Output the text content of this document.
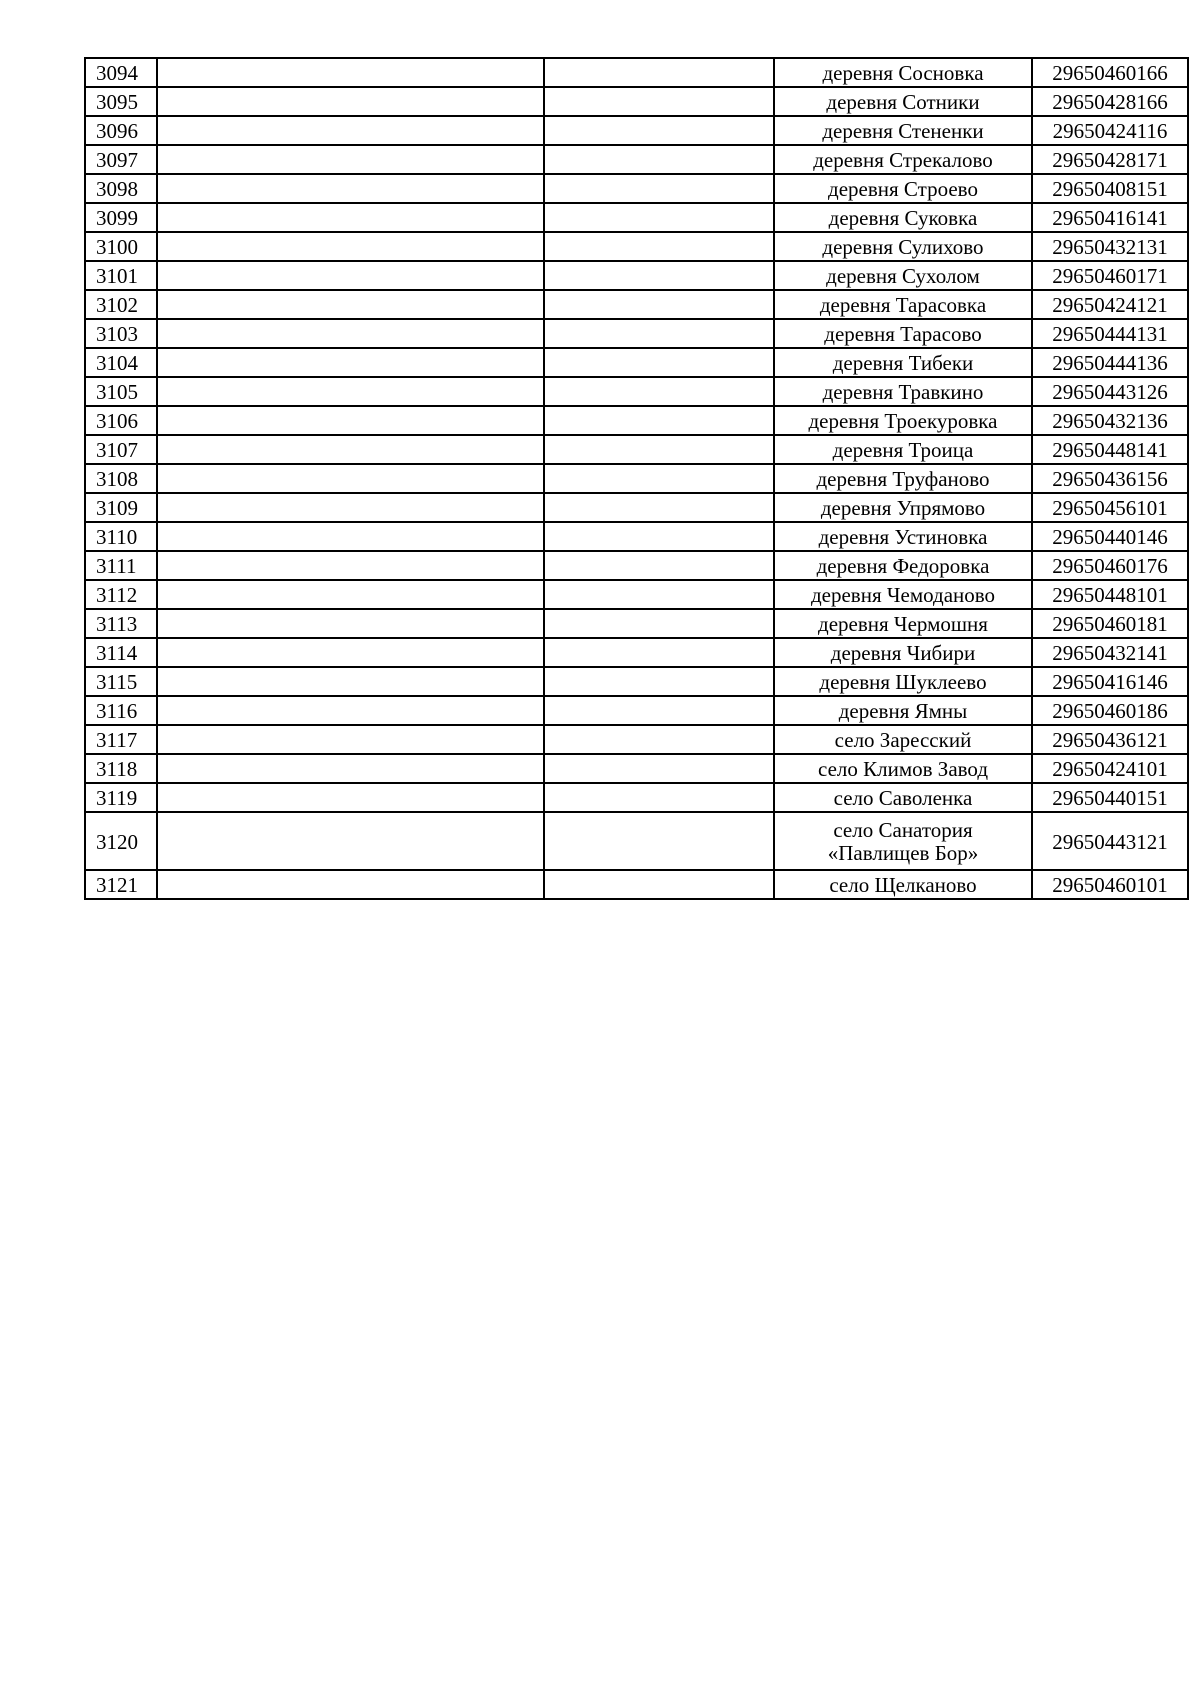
3094			деревня Сосновка	29650460166
3095			деревня Сотники	29650428166
3096			деревня Стененки	29650424116
3097			деревня Стрекалово	29650428171
3098			деревня Строево	29650408151
3099			деревня Суковка	29650416141
3100			деревня Сулихово	29650432131
3101			деревня Сухолом	29650460171
3102			деревня Тарасовка	29650424121
3103			деревня Тарасово	29650444131
3104			деревня Тибеки	29650444136
3105			деревня Травкино	29650443126
3106			деревня Троекуровка	29650432136
3107			деревня Троица	29650448141
3108			деревня Труфаново	29650436156
3109			деревня Упрямово	29650456101
3110			деревня Устиновка	29650440146
3111			деревня Федоровка	29650460176
3112			деревня Чемоданово	29650448101
3113			деревня Чермошня	29650460181
3114			деревня Чибири	29650432141
3115			деревня Шуклеево	29650416146
3116			деревня Ямны	29650460186
3117			село Заресский	29650436121
3118			село Климов Завод	29650424101
3119			село Саволенка	29650440151
3120			село Санатория «Павлищев Бор»	29650443121
3121			село Щелканово	29650460101
